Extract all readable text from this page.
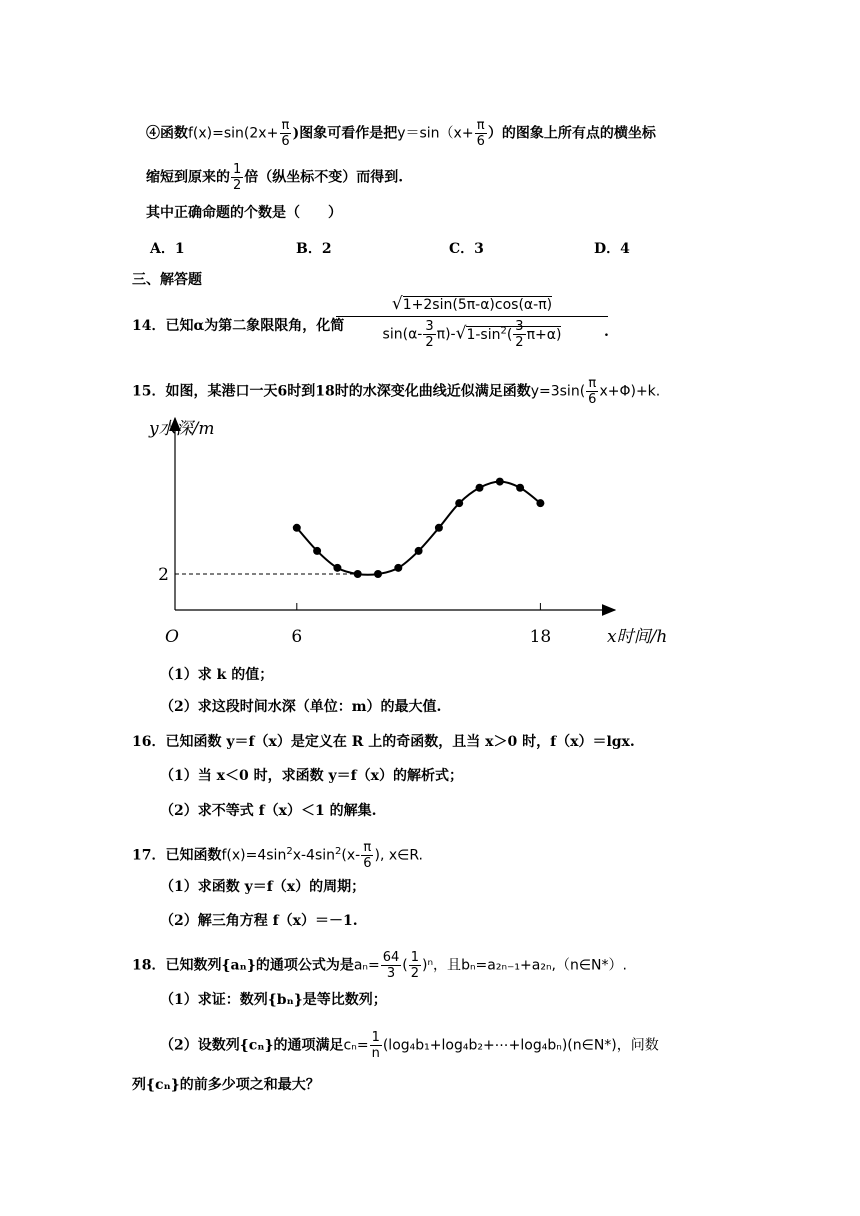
④函数$f(x)=\sin(2x+ \frac{\pi}{6}$ )图象可看作是把$y=\sin(x+ \frac{\pi}{6}$ ）的图象上所有点的横坐标
缩短到原来的 $\frac{1}{2}$ 倍（纵坐标不变）而得到.
其中正确命题的个数是（　　）
A．1	B．2	C．3	D．4
三、解答题
14．已知α为第二象限限角，化简
$\frac{√1+2\sin(5\pi-\alpha)\cos(\alpha-\pi)}{\sin(\alpha- \frac{3}{2} \pi)-√1-\sin^2( \frac{3}{2} \pi+\alpha)}$
.
15．如图，某港口一天6时到18时的水深变化曲线近似满足函数$y=3\sin( \frac{\pi}{6} x+\Phi)+k$.
y水深/m
x时间/h
O	6	18
2
（1）求 k 的值；
（2）求这段时间水深（单位：m）的最大值.
16．已知函数 y＝f（x）是定义在 R 上的奇函数，且当 x＞0 时，f（x）＝lgx.
（1）当 x＜0 时，求函数 y＝f（x）的解析式；
（2）求不等式 f（x）＜1 的解集.
17．已知函数$f(x)=4\sin^2x-4\sin^2(x- \frac{\pi}{6}$ ), x∈R.
（1）求函数 y＝f（x）的周期；
（2）解三角方程 f（x）＝－1.
18．已知数列{aₙ}的通项公式为是$a_n= \frac{64}{3}$ ( $\frac{1}{2} )^n$，且bₙ=a₂ₙ₋₁+a₂ₙ,（n∈N*）.
（1）求证：数列{bₙ}是等比数列；
（2）设数列{cₙ}的通项满足$c_n= \frac{1}{n}$ (log₄b₁+log₄b₂+⋯+log₄bₙ)(n∈N*)，问数
列{cₙ}的前多少项之和最大？
